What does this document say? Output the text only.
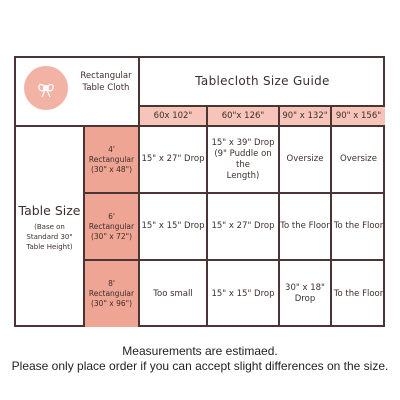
Rectangular
Table Cloth	Tablecloth Size Guide
60x 102"	60"x 126" 90" x 132" 90" x 156"
Table Size
(Base on
Standard 30"
Table Height)
4' Rectangular
(30" x 48")
6' Rectangular
(30" x 72")
8' Rectangular
(30" x 96")
15" x 27" Drop
15" x 39" Drop
(9" Puddle on the
Length)
Oversize Oversize
15" x 15" Drop 15" x 27" Drop To the Floor To the Floor
Too small 15" x 15" Drop
30" x 18"
Drop
To the Floor
Measurements are estimaed.
Please only place order if you can accept slight differences on the size.
